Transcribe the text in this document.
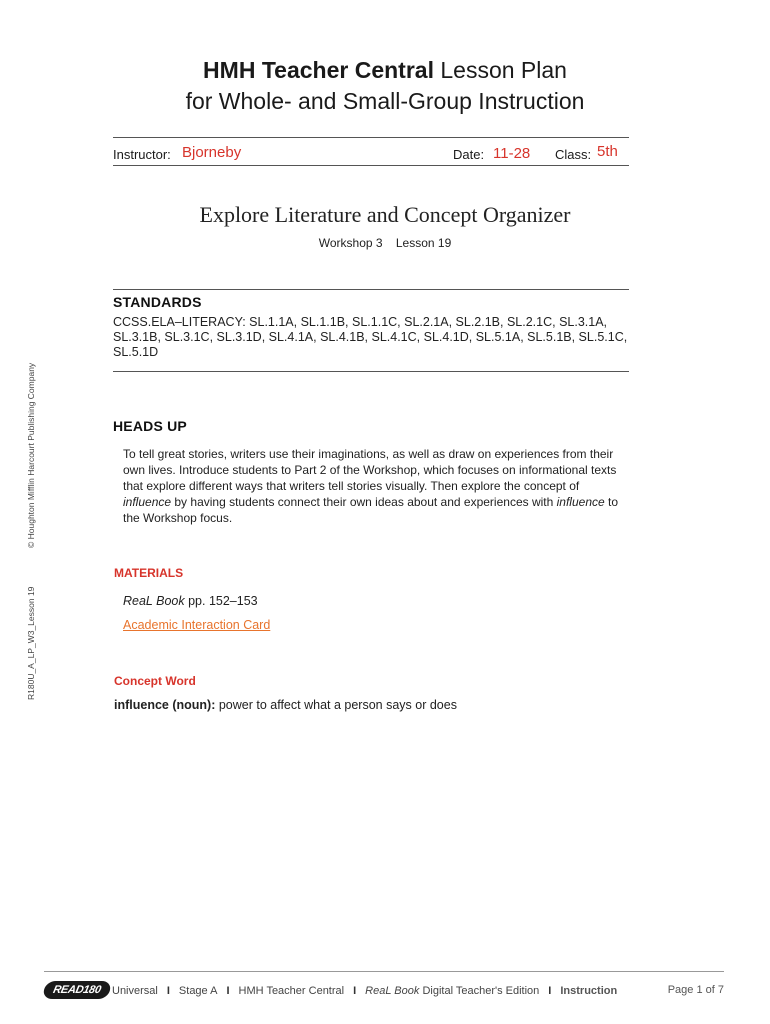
HMH Teacher Central Lesson Plan
for Whole- and Small-Group Instruction
Instructor: Bjorneby	Date: 11-28 Class: 5th
Explore Literature and Concept Organizer
Workshop 3    Lesson 19
STANDARDS
CCSS.ELA–LITERACY: SL.1.1A, SL.1.1B, SL.1.1C, SL.2.1A, SL.2.1B, SL.2.1C, SL.3.1A, SL.3.1B, SL.3.1C, SL.3.1D, SL.4.1A, SL.4.1B, SL.4.1C, SL.4.1D, SL.5.1A, SL.5.1B, SL.5.1C, SL.5.1D
HEADS UP
To tell great stories, writers use their imaginations, as well as draw on experiences from their own lives. Introduce students to Part 2 of the Workshop, which focuses on informational texts that explore different ways that writers tell stories visually. Then explore the concept of influence by having students connect their own ideas about and experiences with influence to the Workshop focus.
MATERIALS
ReaL Book pp. 152–153
Academic Interaction Card
Concept Word
influence (noun): power to affect what a person says or does
© Houghton Mifflin Harcourt Publishing Company
R180U_A_LP_W3_Lesson 19
READ180 Universal I Stage A I HMH Teacher Central I ReaL Book Digital Teacher's Edition I Instruction	Page 1 of 7
